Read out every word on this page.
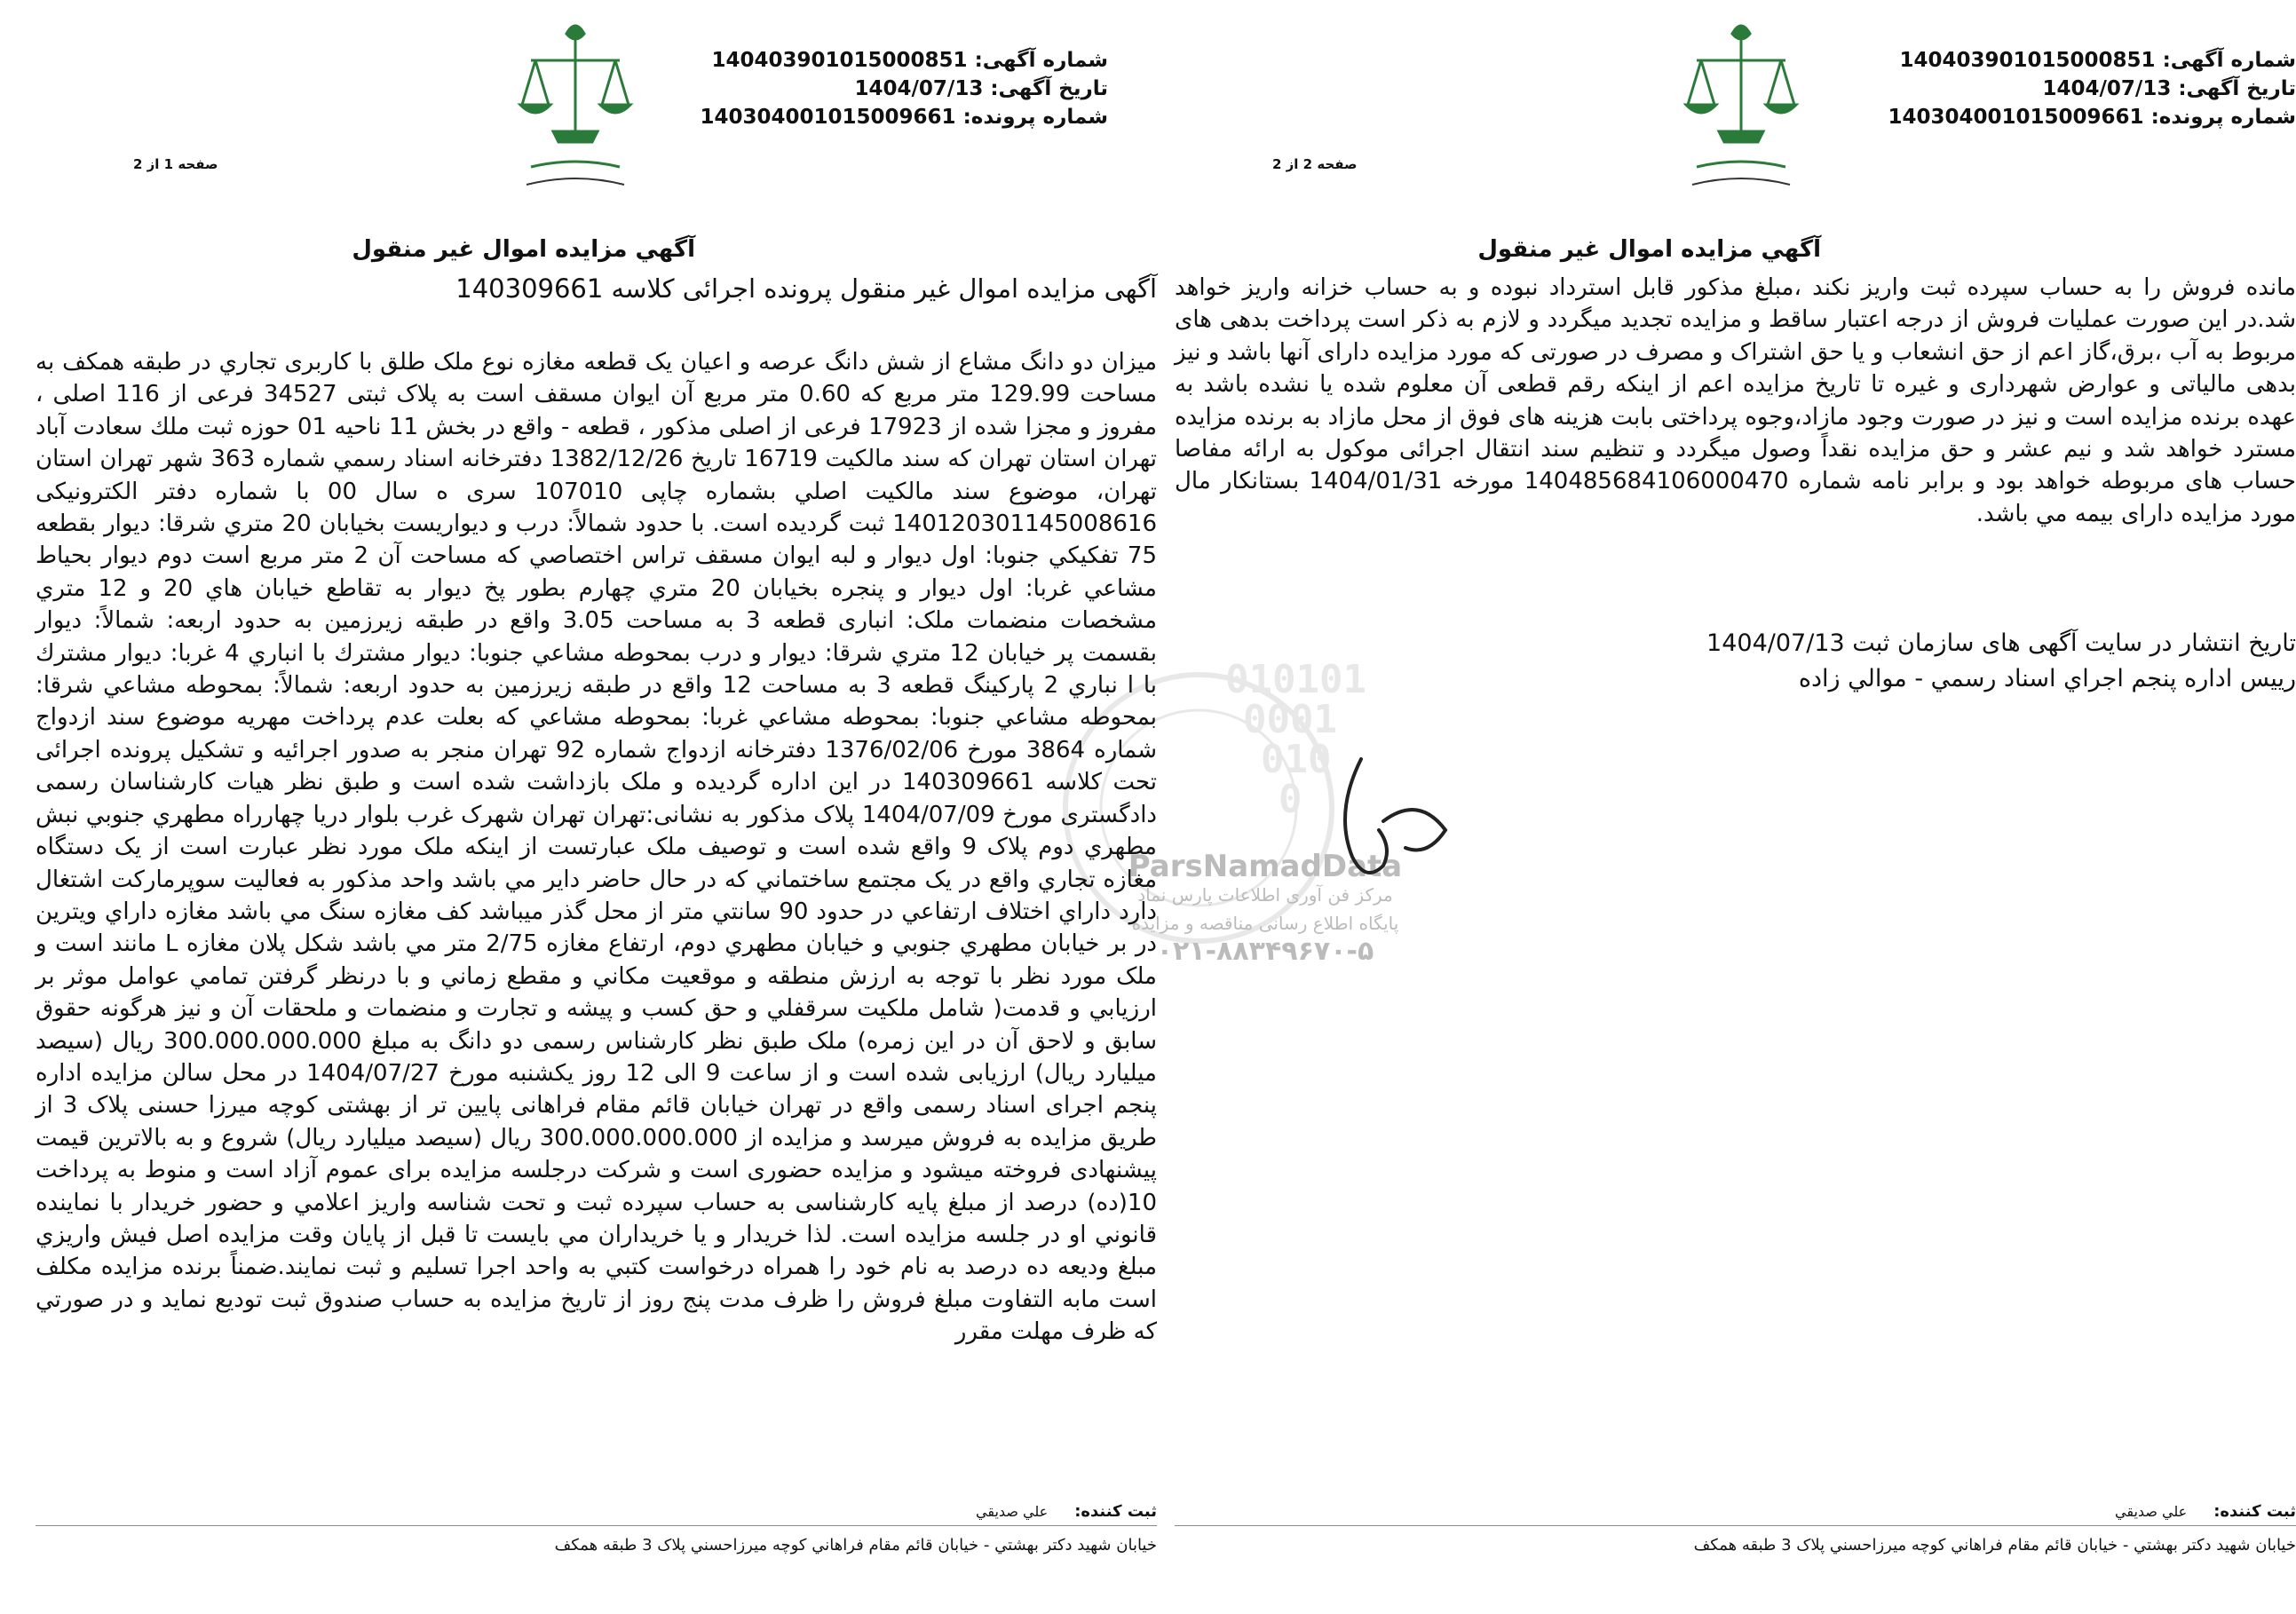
010101
0001
010
0
ParsNamadData
مرکز فن آوری اطلاعات پارس نماد
پایگاه اطلاع رسانی مناقصه و مزایده
۰۲۱-۸۸۳۴۹۶۷۰-۵
شماره آگهی: 140403901015000851
تاریخ آگهی: 1404/07/13
شماره پرونده: 140304001015009661
صفحه 2 از 2
آگهي مزايده اموال غير منقول
مانده فروش را به حساب سپرده ثبت واريز نکند ،مبلغ مذکور قابل استرداد نبوده و به حساب خزانه واريز خواهد شد.در اين صورت عمليات فروش از درجه اعتبار ساقط و مزايده تجديد ميگردد و لازم به ذکر است پرداخت بدهی های مربوط به آب ،برق،گاز اعم از حق انشعاب و يا حق اشتراک و مصرف در صورتی که مورد مزايده دارای آنها باشد و نيز بدهی مالياتی و عوارض شهرداری و غيره تا تاريخ مزايده اعم از اينکه رقم قطعی آن معلوم شده يا نشده باشد به عهده برنده مزايده است و نيز در صورت وجود مازاد،وجوه پرداختی بابت هزينه های فوق از محل مازاد به برنده مزايده مسترد خواهد شد و نيم عشر و حق مزايده نقداً وصول ميگردد و تنظيم سند انتقال اجرائی موکول به ارائه مفاصا حساب های مربوطه خواهد بود و برابر نامه شماره 140485684106000470 مورخه 1404/01/31 بستانکار مال مورد مزايده دارای بيمه مي باشد.
تاريخ انتشار در سايت آگهی های سازمان ثبت 1404/07/13
رييس اداره پنجم اجراي اسناد رسمي - موالي زاده
ثبت كننده:علي صديقي
خيابان شهيد دکتر بهشتي - خيابان قائم مقام فراهاني کوچه ميرزاحسني پلاک 3 طبقه همکف
شماره آگهی: 140403901015000851
تاریخ آگهی: 1404/07/13
شماره پرونده: 140304001015009661
صفحه 1 از 2
آگهي مزايده اموال غير منقول
آگهی مزايده اموال غير منقول پرونده اجرائی کلاسه 140309661
ميزان دو دانگ مشاع از شش دانگ عرصه و اعيان يک قطعه مغازه نوع ملک طلق با کاربری تجاري در طبقه همکف به مساحت 129.99 متر مربع که 0.60 متر مربع آن ايوان مسقف است به پلاک ثبتی 34527 فرعی از 116 اصلی ، مفروز و مجزا شده از 17923 فرعی از اصلی مذکور ، قطعه - واقع در بخش 11 ناحيه 01 حوزه ثبت ملك سعادت آباد تهران استان تهران كه سند مالکيت 16719 تاريخ 1382/12/26 دفترخانه اسناد رسمي شماره 363 شهر تهران استان تهران، موضوع سند مالكيت اصلي بشماره چاپی 107010 سری ه سال 00 با شماره دفتر الكترونيكی 140120301145008616 ثبت گرديده است. با حدود شمالاً: درب و ديواريست بخيابان 20 متري شرقا: ديوار بقطعه 75 تفکيکي جنوبا: اول ديوار و لبه ايوان مسقف تراس اختصاصي که مساحت آن 2 متر مربع است دوم ديوار بحياط مشاعي غربا: اول ديوار و پنجره بخيابان 20 متري چهارم بطور پخ ديوار به تقاطع خيابان هاي 20 و 12 متري مشخصات منضمات ملک: انباری قطعه 3 به مساحت 3.05 واقع در طبقه زيرزمين به حدود اربعه: شمالاً: ديوار بقسمت پر خيابان 12 متري شرقا: ديوار و درب بمحوطه مشاعي جنوبا: ديوار مشترك با انباري 4 غربا: ديوار مشترك با ا نباري 2 پارکينگ قطعه 3 به مساحت 12 واقع در طبقه زيرزمين به حدود اربعه: شمالاً: بمحوطه مشاعي شرقا: بمحوطه مشاعي جنوبا: بمحوطه مشاعي غربا: بمحوطه مشاعي كه بعلت عدم پرداخت مهريه موضوع سند ازدواج شماره 3864 مورخ 1376/02/06 دفترخانه ازدواج شماره 92 تهران منجر به صدور اجرائيه و تشکيل پرونده اجرائی تحت کلاسه 140309661 در اين اداره گرديده و ملک بازداشت شده است و طبق نظر هيات كارشناسان رسمی دادگستری مورخ 1404/07/09 پلاک مذکور به نشانی:تهران تهران شهرک غرب بلوار دريا چهارراه مطهري جنوبي نبش مطهري دوم پلاک 9 واقع شده است و توصيف ملک عبارتست از اينکه ملک مورد نظر عبارت است از يک دستگاه مغازه تجاري واقع در يک مجتمع ساختماني که در حال حاضر داير مي باشد واحد مذکور به فعاليت سوپرمارکت اشتغال دارد داراي اختلاف ارتفاعي در حدود 90 سانتي متر از محل گذر ميباشد کف مغازه سنگ مي باشد مغازه داراي ويترين در بر خيابان مطهري جنوبي و خيابان مطهري دوم، ارتفاع مغازه 2/75 متر مي باشد شکل پلان مغازه L مانند است و ملک مورد نظر با توجه به ارزش منطقه و موقعيت مکاني و مقطع زماني و با درنظر گرفتن تمامي عوامل موثر بر ارزيابي و قدمت( شامل ملکيت سرقفلي و حق کسب و پيشه و تجارت و منضمات و ملحقات آن و نيز هرگونه حقوق سابق و لاحق آن در اين زمره) ملک طبق نظر کارشناس رسمی دو دانگ به مبلغ 300.000.000.000 ريال (سيصد ميليارد ريال) ارزيابی شده است و از ساعت 9 الی 12 روز يکشنبه مورخ 1404/07/27 در محل سالن مزايده اداره پنجم اجرای اسناد رسمی واقع در تهران خيابان قائم مقام فراهانی پايين تر از بهشتی کوچه ميرزا حسنی پلاک 3 از طريق مزايده به فروش ميرسد و مزايده از 300.000.000.000 ريال (سيصد ميليارد ريال) شروع و به بالاترين قيمت پيشنهادی فروخته ميشود و مزايده حضوری است و شرکت درجلسه مزايده برای عموم آزاد است و منوط به پرداخت 10(ده) درصد از مبلغ پايه کارشناسی به حساب سپرده ثبت و تحت شناسه واريز اعلامي و حضور خريدار با نماينده قانوني او در جلسه مزايده است. لذا خريدار و يا خريداران مي بايست تا قبل از پايان وقت مزايده اصل فيش واريزي مبلغ وديعه ده درصد به نام خود را همراه درخواست کتبي به واحد اجرا تسليم و ثبت نمايند.ضمناً برنده مزايده مكلف است مابه التفاوت مبلغ فروش را ظرف مدت پنج روز از تاريخ مزايده به حساب صندوق ثبت توديع نمايد و در صورتي كه ظرف مهلت مقرر
ثبت كننده:علي صديقي
خيابان شهيد دکتر بهشتي - خيابان قائم مقام فراهاني کوچه ميرزاحسني پلاک 3 طبقه همکف
